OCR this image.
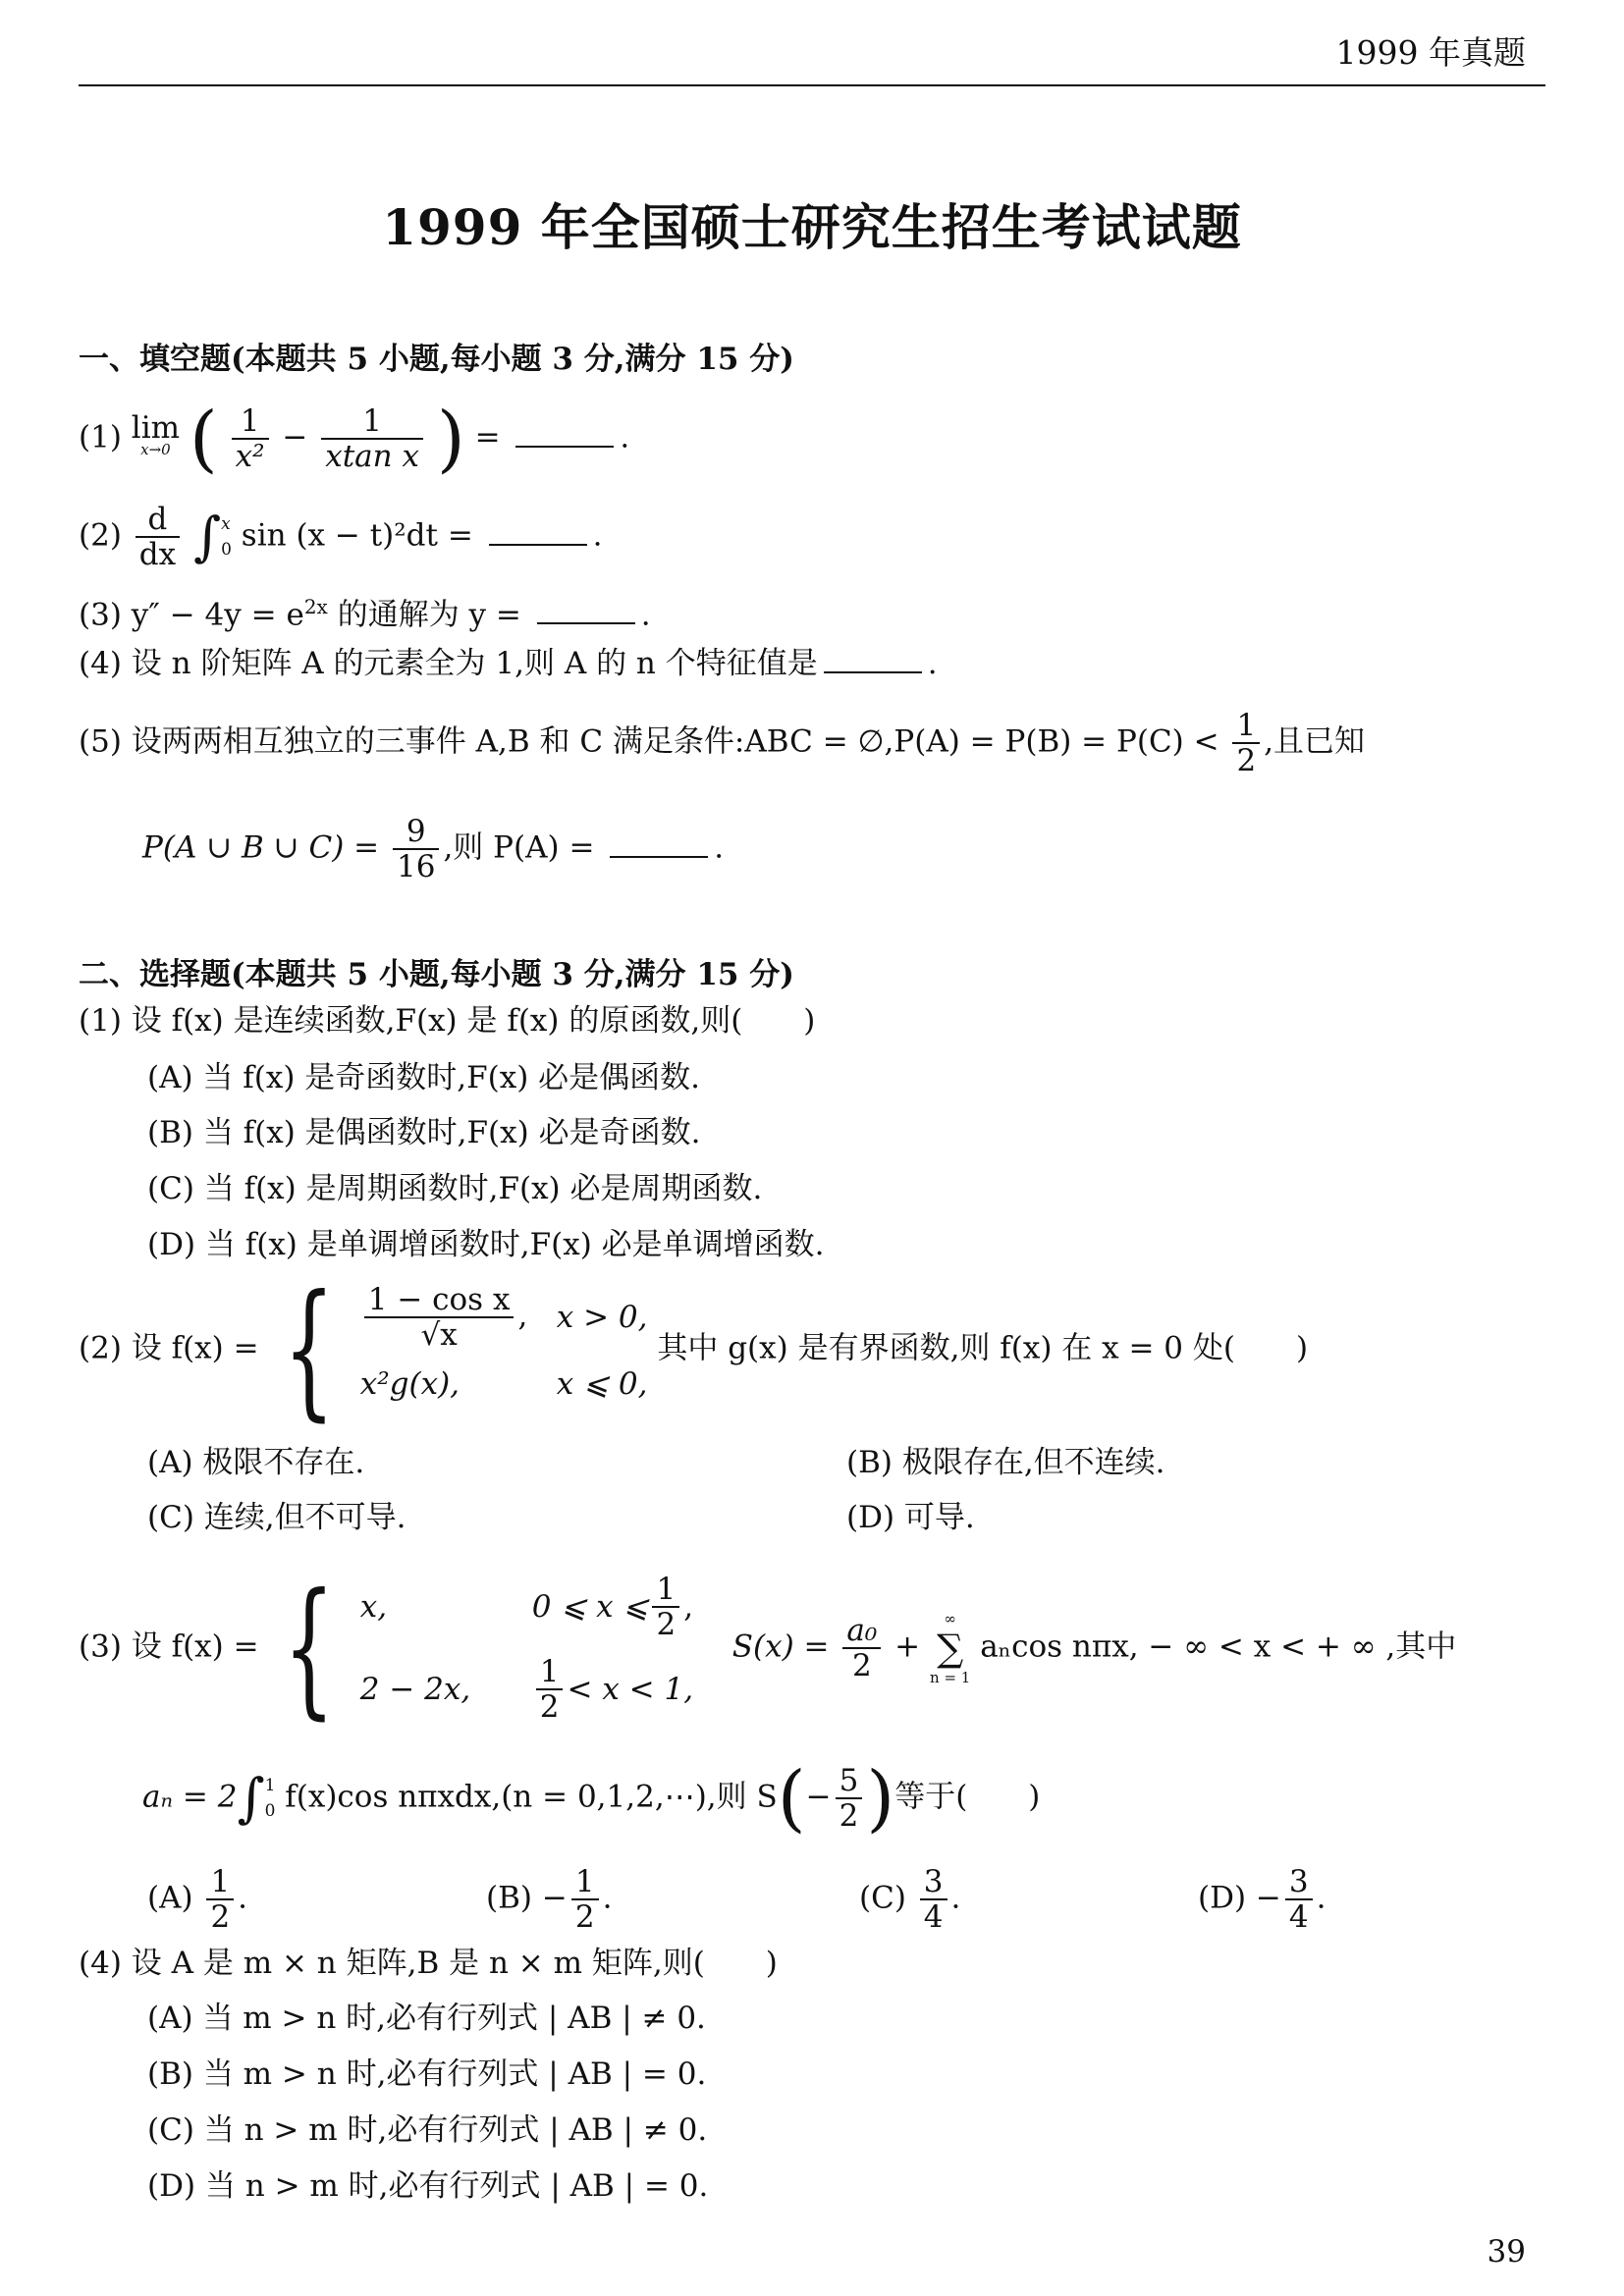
1999 年真题
1999 年全国硕士研究生招生考试试题
一、填空题(本题共 5 小题,每小题 3 分,满分 15 分)
(1) lim
x→0 ( $\frac{1}{\text{x²}} - \frac{1}{\text{xtan x}}$ ) =	.
$(2) \frac{d}{dx}$ ∫ x
0 sin (x − t)²dt =	.
(3) $y'' - 4y = e^{2x}$ 的通解为 y =	.
(4) 设 n 阶矩阵 A 的元素全为 1,则 A 的 n 个特征值是	.
(5) 设两两相互独立的三事件 A,B 和 C 满足条件:ABC = ∅,P(A) = $P(B) = P(C) < \frac{1}{2}$ ,且已知
P(A ∪ B ∪ $C) = \frac{9}{16}$ ,则 P(A) =	.
二、选择题(本题共 5 小题,每小题 3 分,满分 15 分)
(1) 设 f(x) 是连续函数,F(x) 是 f(x) 的原函数,则(　　)
(A) 当 f(x) 是奇函数时,F(x) 必是偶函数.
(B) 当 f(x) 是偶函数时,F(x) 必是奇函数.
(C) 当 f(x) 是周期函数时,F(x) 必是周期函数.
(D) 当 f(x) 是单调增函数时,F(x) 必是单调增函数.
(2) 设 f(x) = { $\frac{\text{1 − cos x}}{√x}$ , x > 0,
x²g(x),	x ⩽ 0,
其中 g(x) 是有界函数,则 f(x) 在 x = 0 处(　　)
(A) 极限不存在.	(B) 极限存在,但不连续.
(C) 连续,但不可导.	(D) 可导.
(3) 设 f(x) = { x,	0 ⩽ x ⩽ $\frac{1}{2}$ ,
2 − 2x,	$\frac{1}{2} < x < 1$,
$S(x) = \frac{\text{a₀}}{2}$ + ∞
∑
n = 1 aₙcos nπx, − ∞ < x < + ∞ ,其中
aₙ = 2∫ 1
0 f(x)cos nπxdx,(n = 0,1,2,⋯),则 $S(- \frac{5}{2}$ )等于(　　)
$(A) \frac{1}{2}$ .	$(B) - \frac{1}{2}$ .	$(C) \frac{3}{4}$ .	$(D) - \frac{3}{4}$ .
(4) 设 A 是 m × n 矩阵,B 是 n × m 矩阵,则(　　)
(A) 当 m > n 时,必有行列式 | AB | ≠ 0.
(B) 当 m > n 时,必有行列式 | AB | = 0.
(C) 当 n > m 时,必有行列式 | AB | ≠ 0.
(D) 当 n > m 时,必有行列式 | AB | = 0.
39
